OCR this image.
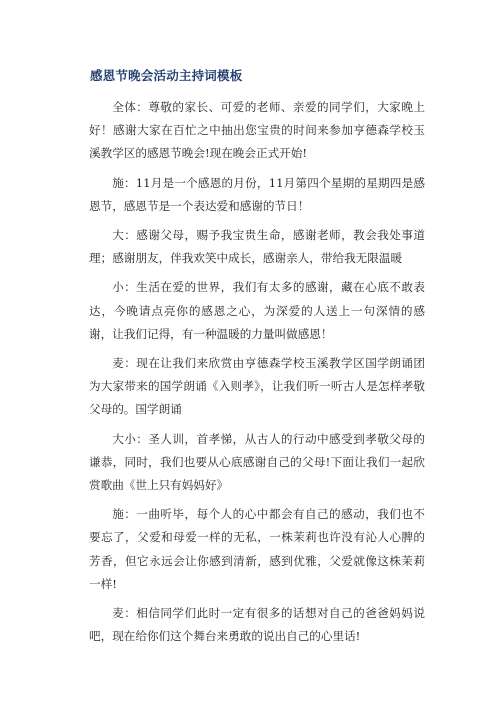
感恩节晚会活动主持词模板

全体：尊敬的家长、可爱的老师、亲爱的同学们，大家晚上好！感谢大家在百忙之中抽出您宝贵的时间来参加亨德森学校玉溪教学区的感恩节晚会!现在晚会正式开始!

施：11月是一个感恩的月份，11月第四个星期的星期四是感恩节，感恩节是一个表达爱和感谢的节日！

大：感谢父母，赐予我宝贵生命，感谢老师，教会我处事道理；感谢朋友，伴我欢笑中成长，感谢亲人，带给我无限温暖

小：生活在爱的世界，我们有太多的感谢，藏在心底不敢表达，今晚请点亮你的感恩之心，为深爱的人送上一句深情的感谢，让我们记得，有一种温暖的力量叫做感恩！

麦：现在让我们来欣赏由亨德森学校玉溪教学区国学朗诵团为大家带来的国学朗诵《入则孝》，让我们听一听古人是怎样孝敬父母的。国学朗诵

大小：圣人训，首孝悌，从古人的行动中感受到孝敬父母的谦恭，同时，我们也要从心底感谢自己的父母!下面让我们一起欣赏歌曲《世上只有妈妈好》

施：一曲听毕，每个人的心中都会有自己的感动，我们也不要忘了，父爱和母爱一样的无私，一株茉莉也许没有沁人心脾的芳香，但它永远会让你感到清新，感到优雅，父爱就像这株茉莉一样!

麦：相信同学们此时一定有很多的话想对自己的爸爸妈妈说吧，现在给你们这个舞台来勇敢的说出自己的心里话!
